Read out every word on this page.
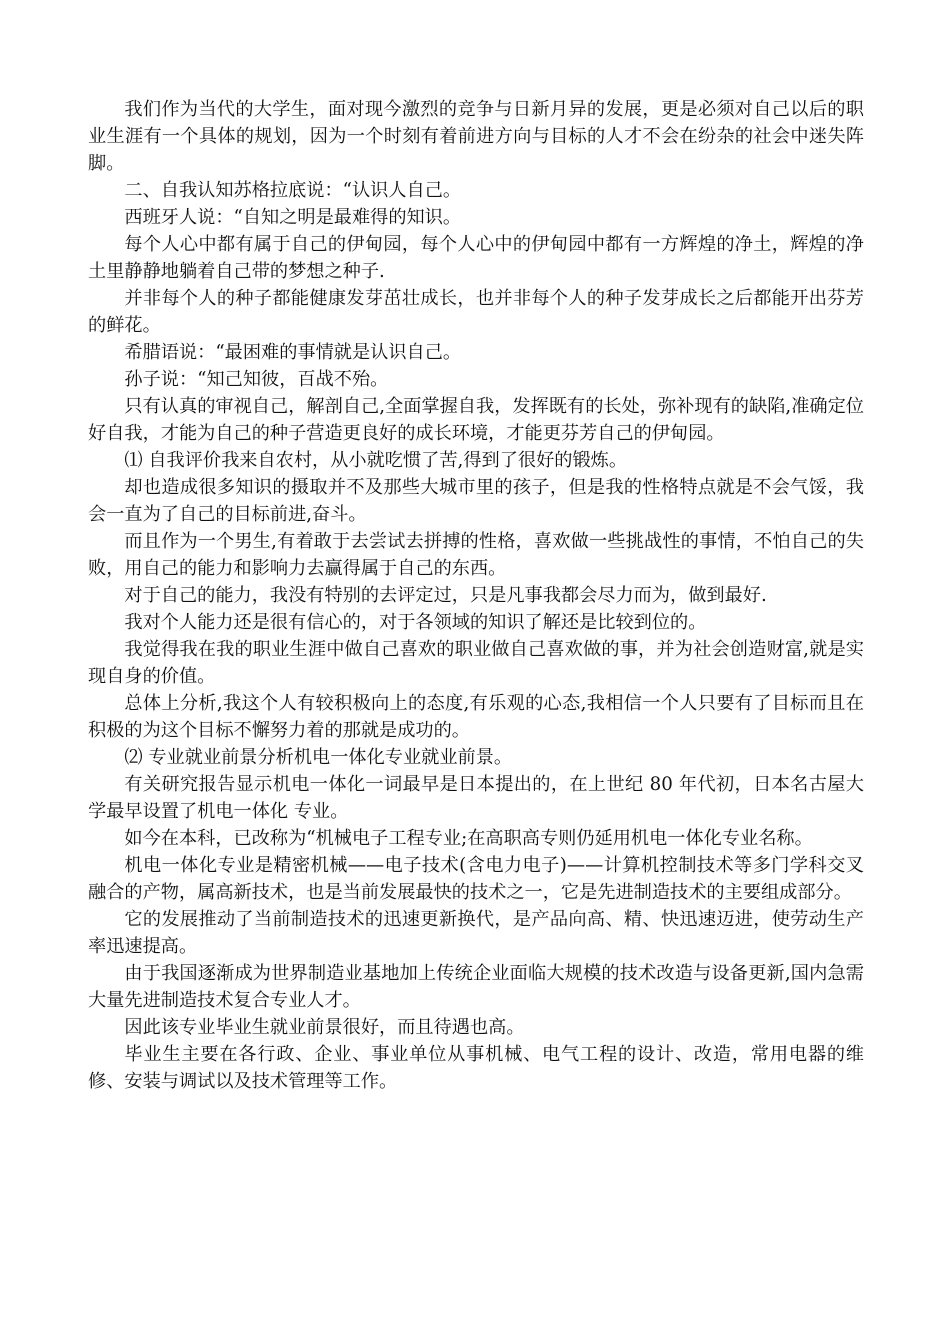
我们作为当代的大学生，面对现今激烈的竞争与日新月异的发展，更是必须对自己以后的职业生涯有一个具体的规划，因为一个时刻有着前进方向与目标的人才不会在纷杂的社会中迷失阵脚。

二、自我认知苏格拉底说：“认识人自己。

西班牙人说：“自知之明是最难得的知识。

每个人心中都有属于自己的伊甸园，每个人心中的伊甸园中都有一方辉煌的净土，辉煌的净土里静静地躺着自己带的梦想之种子.

并非每个人的种子都能健康发芽茁壮成长，也并非每个人的种子发芽成长之后都能开出芬芳的鲜花。

希腊语说：“最困难的事情就是认识自己。

孙子说：“知己知彼，百战不殆。

只有认真的审视自己，解剖自己,全面掌握自我，发挥既有的长处，弥补现有的缺陷,准确定位好自我，才能为自己的种子营造更良好的成长环境，才能更芬芳自己的伊甸园。

⑴ 自我评价我来自农村，从小就吃惯了苦,得到了很好的锻炼。

却也造成很多知识的摄取并不及那些大城市里的孩子，但是我的性格特点就是不会气馁，我会一直为了自己的目标前进,奋斗。

而且作为一个男生,有着敢于去尝试去拼搏的性格，喜欢做一些挑战性的事情，不怕自己的失败，用自己的能力和影响力去赢得属于自己的东西。

对于自己的能力，我没有特别的去评定过，只是凡事我都会尽力而为，做到最好.

我对个人能力还是很有信心的，对于各领域的知识了解还是比较到位的。

我觉得我在我的职业生涯中做自己喜欢的职业做自己喜欢做的事，并为社会创造财富,就是实现自身的价值。

总体上分析,我这个人有较积极向上的态度,有乐观的心态,我相信一个人只要有了目标而且在积极的为这个目标不懈努力着的那就是成功的。

⑵ 专业就业前景分析机电一体化专业就业前景。

有关研究报告显示机电一体化一词最早是日本提出的，在上世纪 80 年代初，日本名古屋大学最早设置了机电一体化 专业。

如今在本科，已改称为“机械电子工程专业;在高职高专则仍延用机电一体化专业名称。

机电一体化专业是精密机械——电子技术(含电力电子)——计算机控制技术等多门学科交叉融合的产物，属高新技术，也是当前发展最快的技术之一，它是先进制造技术的主要组成部分。

它的发展推动了当前制造技术的迅速更新换代，是产品向高、精、快迅速迈进，使劳动生产率迅速提高。

由于我国逐渐成为世界制造业基地加上传统企业面临大规模的技术改造与设备更新,国内急需大量先进制造技术复合专业人才。

因此该专业毕业生就业前景很好，而且待遇也高。

毕业生主要在各行政、企业、事业单位从事机械、电气工程的设计、改造，常用电器的维修、安装与调试以及技术管理等工作。
